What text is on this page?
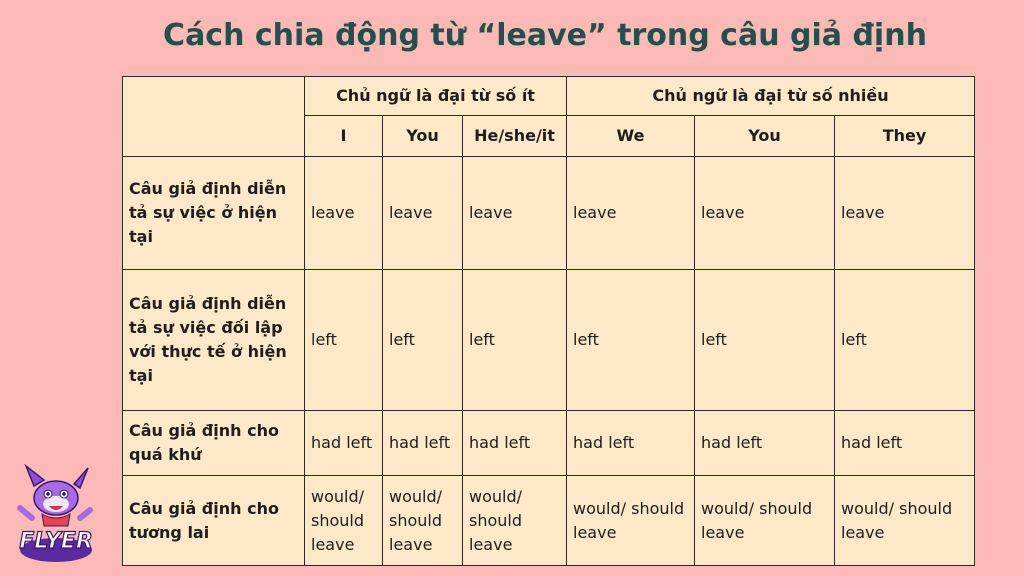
Cách chia động từ “leave” trong câu giả định
	Chủ ngữ là đại từ số ít			Chủ ngữ là đại từ số nhiều		
	I	You	He/she/it	We	You	They
Câu giả định diễn tả sự việc ở hiện tại	leave	leave	leave	leave	leave	leave
Câu giả định diễn tả sự việc đối lập với thực tế ở hiện tại	left	left	left	left	left	left
Câu giả định cho quá khứ	had left	had left	had left	had left	had left	had left
Câu giả định cho tương lai	would/ should leave	would/ should leave	would/ should leave	would/ should leave	would/ should leave	would/ should leave
FLYER
